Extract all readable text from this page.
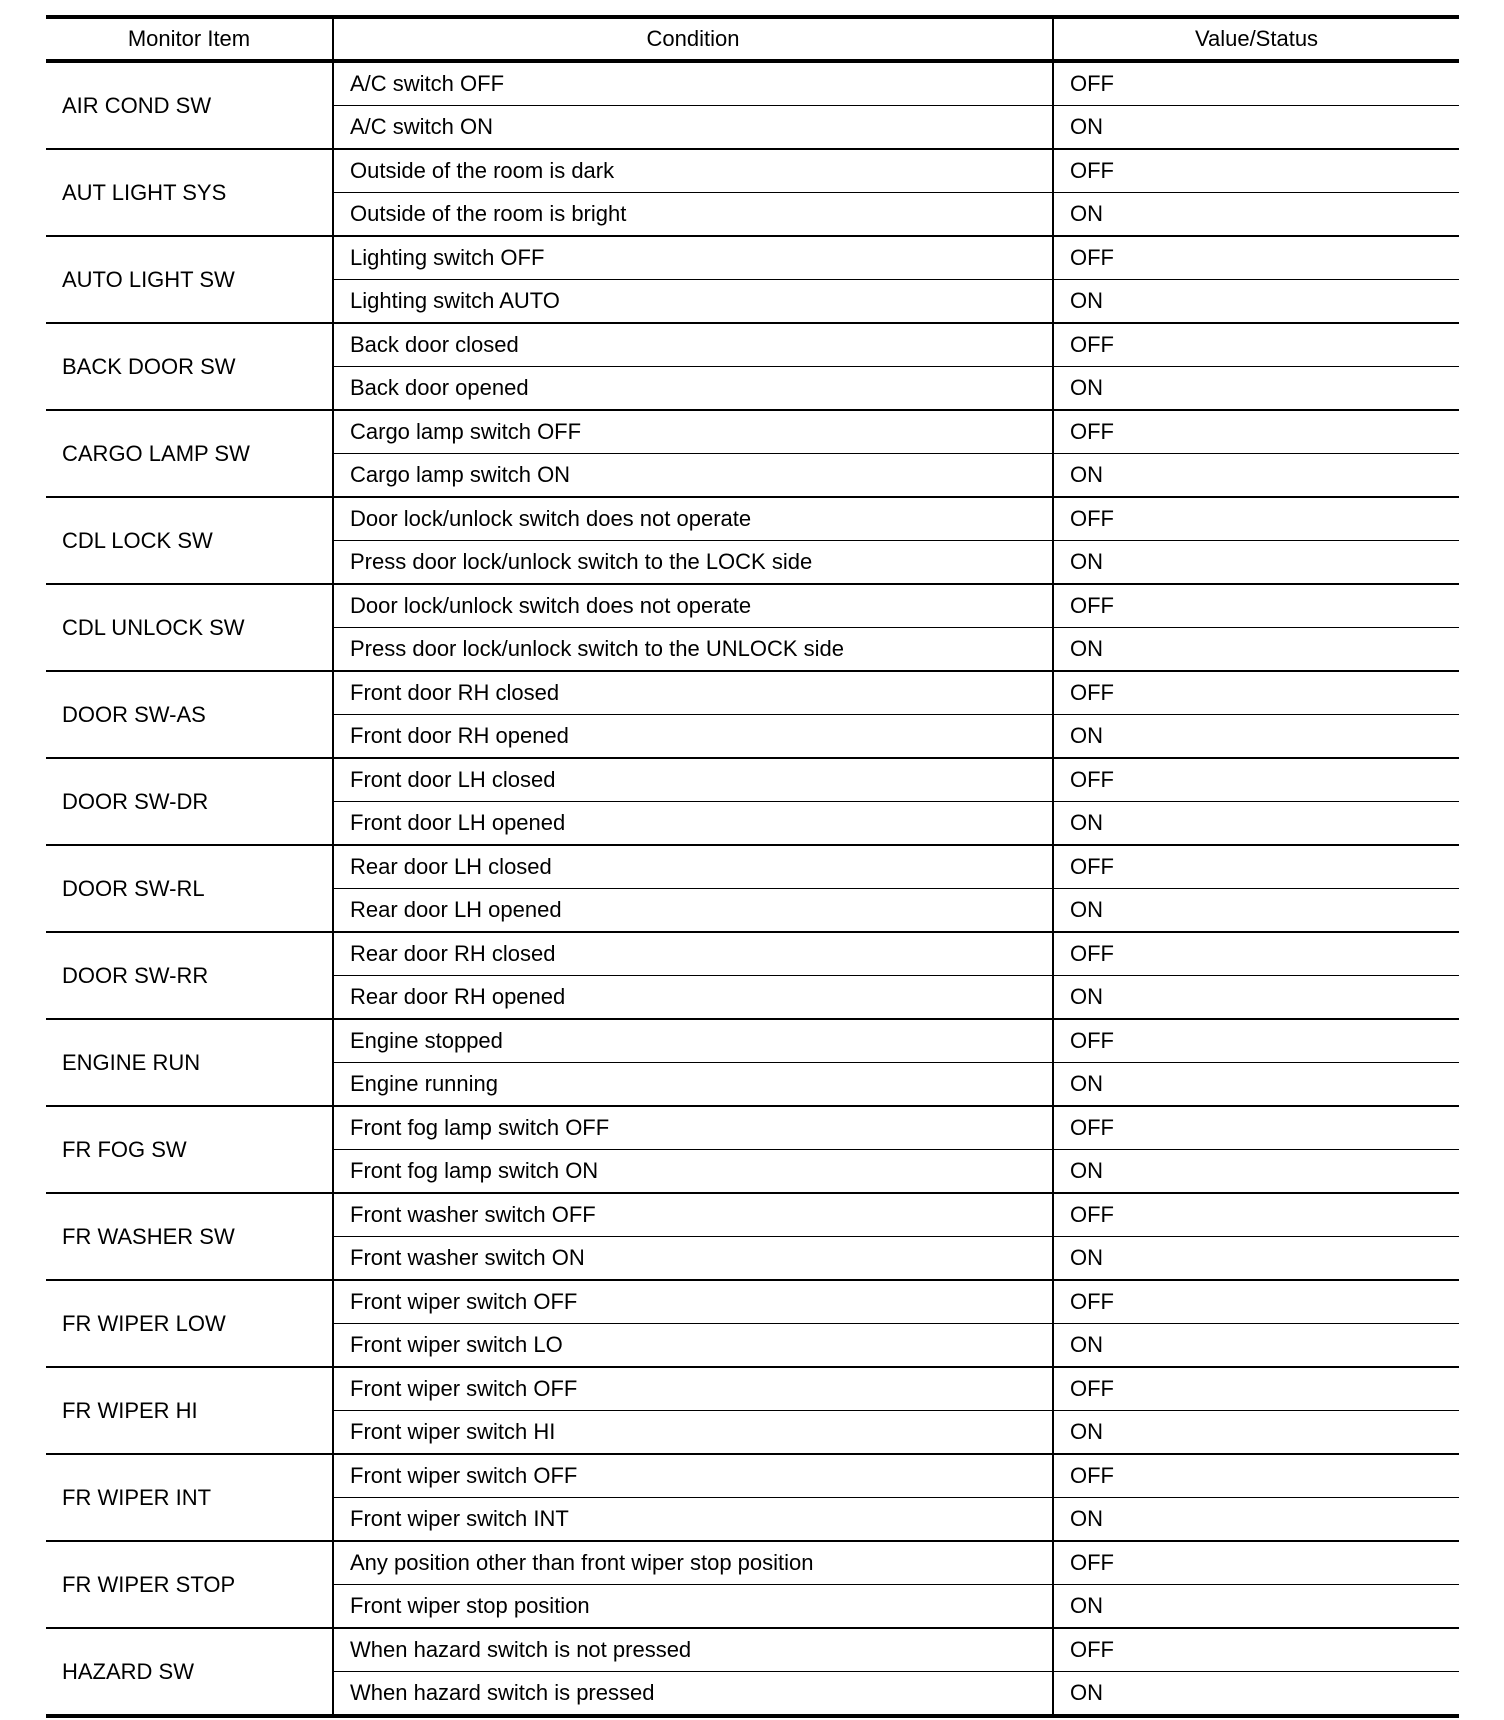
Monitor Item	Condition	Value/Status
AIR COND SW	A/C switch OFF	OFF
	A/C switch ON	ON
AUT LIGHT SYS	Outside of the room is dark	OFF
	Outside of the room is bright	ON
AUTO LIGHT SW	Lighting switch OFF	OFF
	Lighting switch AUTO	ON
BACK DOOR SW	Back door closed	OFF
	Back door opened	ON
CARGO LAMP SW	Cargo lamp switch OFF	OFF
	Cargo lamp switch ON	ON
CDL LOCK SW	Door lock/unlock switch does not operate	OFF
	Press door lock/unlock switch to the LOCK side	ON
CDL UNLOCK SW	Door lock/unlock switch does not operate	OFF
	Press door lock/unlock switch to the UNLOCK side	ON
DOOR SW-AS	Front door RH closed	OFF
	Front door RH opened	ON
DOOR SW-DR	Front door LH closed	OFF
	Front door LH opened	ON
DOOR SW-RL	Rear door LH closed	OFF
	Rear door LH opened	ON
DOOR SW-RR	Rear door RH closed	OFF
	Rear door RH opened	ON
ENGINE RUN	Engine stopped	OFF
	Engine running	ON
FR FOG SW	Front fog lamp switch OFF	OFF
	Front fog lamp switch ON	ON
FR WASHER SW	Front washer switch OFF	OFF
	Front washer switch ON	ON
FR WIPER LOW	Front wiper switch OFF	OFF
	Front wiper switch LO	ON
FR WIPER HI	Front wiper switch OFF	OFF
	Front wiper switch HI	ON
FR WIPER INT	Front wiper switch OFF	OFF
	Front wiper switch INT	ON
FR WIPER STOP	Any position other than front wiper stop position	OFF
	Front wiper stop position	ON
HAZARD SW	When hazard switch is not pressed	OFF
	When hazard switch is pressed	ON
